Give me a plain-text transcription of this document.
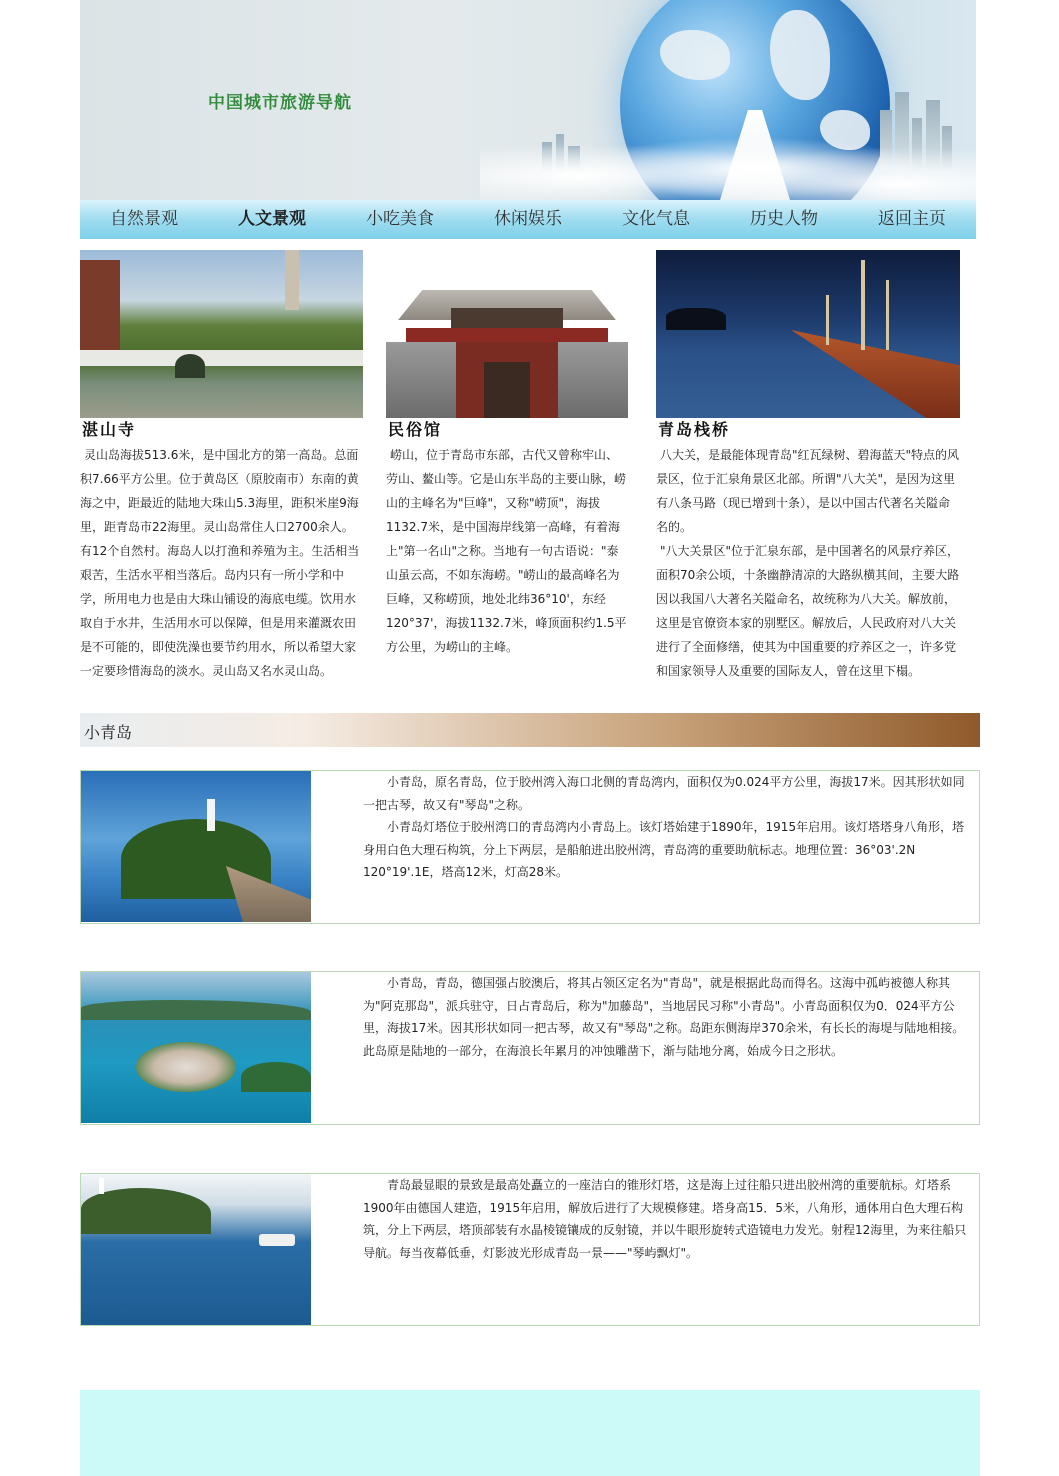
中国城市旅游导航
自然景观	人文景观	小吃美食	休闲娱乐	文化气息	历史人物	返回主页
湛山寺

灵山岛海拔513.6米，是中国北方的第一高岛。总面积7.66平方公里。位于黄岛区（原胶南市）东南的黄海之中，距最近的陆地大珠山5.3海里，距积米崖9海里，距青岛市22海里。灵山岛常住人口2700余人。有12个自然村。海岛人以打渔和养殖为主。生活相当艰苦，生活水平相当落后。岛内只有一所小学和中学，所用电力也是由大珠山铺设的海底电缆。饮用水取自于水井，生活用水可以保障，但是用来灌溉农田是不可能的，即使洗澡也要节约用水，所以希望大家一定要珍惜海岛的淡水。灵山岛又名水灵山岛。

民俗馆

崂山，位于青岛市东部，古代又曾称牢山、劳山、鳌山等。它是山东半岛的主要山脉，崂山的主峰名为"巨峰"，又称"崂顶"，海拔1132.7米，是中国海岸线第一高峰，有着海上"第一名山"之称。当地有一句古语说："泰山虽云高，不如东海崂。"崂山的最高峰名为巨峰，又称崂顶，地处北纬36°10'，东经120°37'，海拔1132.7米，峰顶面积约1.5平方公里，为崂山的主峰。

青岛栈桥

八大关，是最能体现青岛"红瓦绿树、碧海蓝天"特点的风景区，位于汇泉角景区北部。所谓"八大关"，是因为这里有八条马路（现已增到十条），是以中国古代著名关隘命名的。

"八大关景区"位于汇泉东部，是中国著名的风景疗养区，面积70余公顷，十条幽静清凉的大路纵横其间，主要大路因以我国八大著名关隘命名，故统称为八大关。解放前，这里是官僚资本家的别墅区。解放后，人民政府对八大关进行了全面修缮，使其为中国重要的疗养区之一，许多党和国家领导人及重要的国际友人，曾在这里下榻。

小青岛
小青岛，原名青岛，位于胶州湾入海口北侧的青岛湾内，面积仅为0.024平方公里，海拔17米。因其形状如同一把古琴，故又有"琴岛"之称。
小青岛灯塔位于胶州湾口的青岛湾内小青岛上。该灯塔始建于1890年，1915年启用。该灯塔塔身八角形，塔身用白色大理石构筑，分上下两层，是船舶进出胶州湾，青岛湾的重要助航标志。地理位置：36°03'.2N 120°19'.1E，塔高12米，灯高28米。
小青岛，青岛，德国强占胶澳后，将其占领区定名为"青岛"，就是根据此岛而得名。这海中孤屿被德人称其为"阿克那岛"，派兵驻守，日占青岛后，称为"加藤岛"，当地居民习称"小青岛"。小青岛面积仅为0．024平方公里，海拔17米。因其形状如同一把古琴，故又有"琴岛"之称。岛距东侧海岸370余米，有长长的海堤与陆地相接。此岛原是陆地的一部分，在海浪长年累月的冲蚀雕凿下，渐与陆地分离，始成今日之形状。
青岛最显眼的景致是最高处矗立的一座洁白的锥形灯塔，这是海上过往船只进出胶州湾的重要航标。灯塔系1900年由德国人建造，1915年启用，解放后进行了大规模修建。塔身高15．5米，八角形，通体用白色大理石构筑，分上下两层，塔顶部装有水晶棱镜镶成的反射镜，并以牛眼形旋转式造镜电力发光。射程12海里，为来往船只导航。每当夜幕低垂，灯影波光形成青岛一景——"琴屿飘灯"。
